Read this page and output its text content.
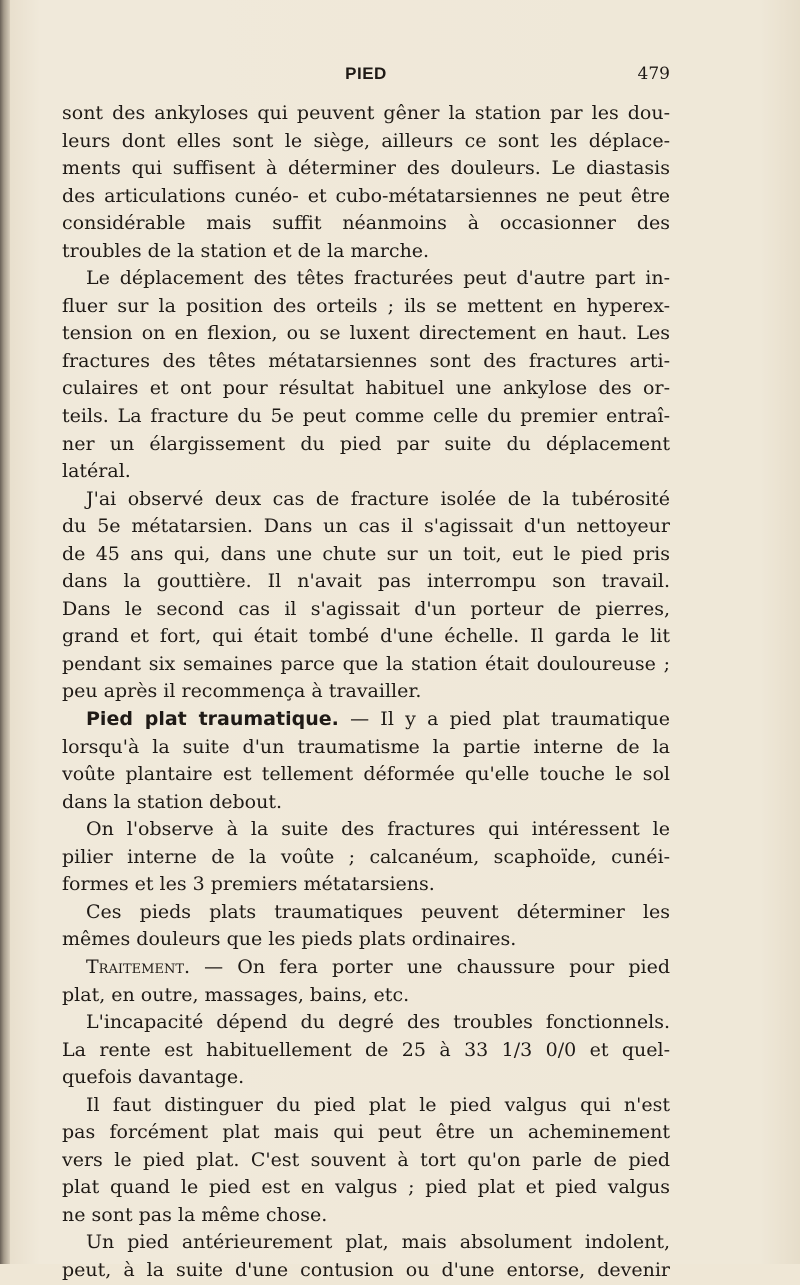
PIED	479
sont des ankyloses qui peuvent gêner la station par les dou-
leurs dont elles sont le siège, ailleurs ce sont les déplace-
ments qui suffisent à déterminer des douleurs. Le diastasis
des articulations cunéo- et cubo-métatarsiennes ne peut être
considérable mais suffit néanmoins à occasionner des
troubles de la station et de la marche.
Le déplacement des têtes fracturées peut d'autre part in-
fluer sur la position des orteils ; ils se mettent en hyperex-
tension on en flexion, ou se luxent directement en haut. Les
fractures des têtes métatarsiennes sont des fractures arti-
culaires et ont pour résultat habituel une ankylose des or-
teils. La fracture du 5e peut comme celle du premier entraî-
ner un élargissement du pied par suite du déplacement
latéral.
J'ai observé deux cas de fracture isolée de la tubérosité
du 5e métatarsien. Dans un cas il s'agissait d'un nettoyeur
de 45 ans qui, dans une chute sur un toit, eut le pied pris
dans la gouttière. Il n'avait pas interrompu son travail.
Dans le second cas il s'agissait d'un porteur de pierres,
grand et fort, qui était tombé d'une échelle. Il garda le lit
pendant six semaines parce que la station était douloureuse ;
peu après il recommença à travailler.
Pied plat traumatique. — Il y a pied plat traumatique
lorsqu'à la suite d'un traumatisme la partie interne de la
voûte plantaire est tellement déformée qu'elle touche le sol
dans la station debout.
On l'observe à la suite des fractures qui intéressent le
pilier interne de la voûte ; calcanéum, scaphoïde, cunéi-
formes et les 3 premiers métatarsiens.
Ces pieds plats traumatiques peuvent déterminer les
mêmes douleurs que les pieds plats ordinaires.
Traitement. — On fera porter une chaussure pour pied
plat, en outre, massages, bains, etc.
L'incapacité dépend du degré des troubles fonctionnels.
La rente est habituellement de 25 à 33 1/3 0/0 et quel-
quefois davantage.
Il faut distinguer du pied plat le pied valgus qui n'est
pas forcément plat mais qui peut être un acheminement
vers le pied plat. C'est souvent à tort qu'on parle de pied
plat quand le pied est en valgus ; pied plat et pied valgus
ne sont pas la même chose.
Un pied antérieurement plat, mais absolument indolent,
peut, à la suite d'une contusion ou d'une entorse, devenir
